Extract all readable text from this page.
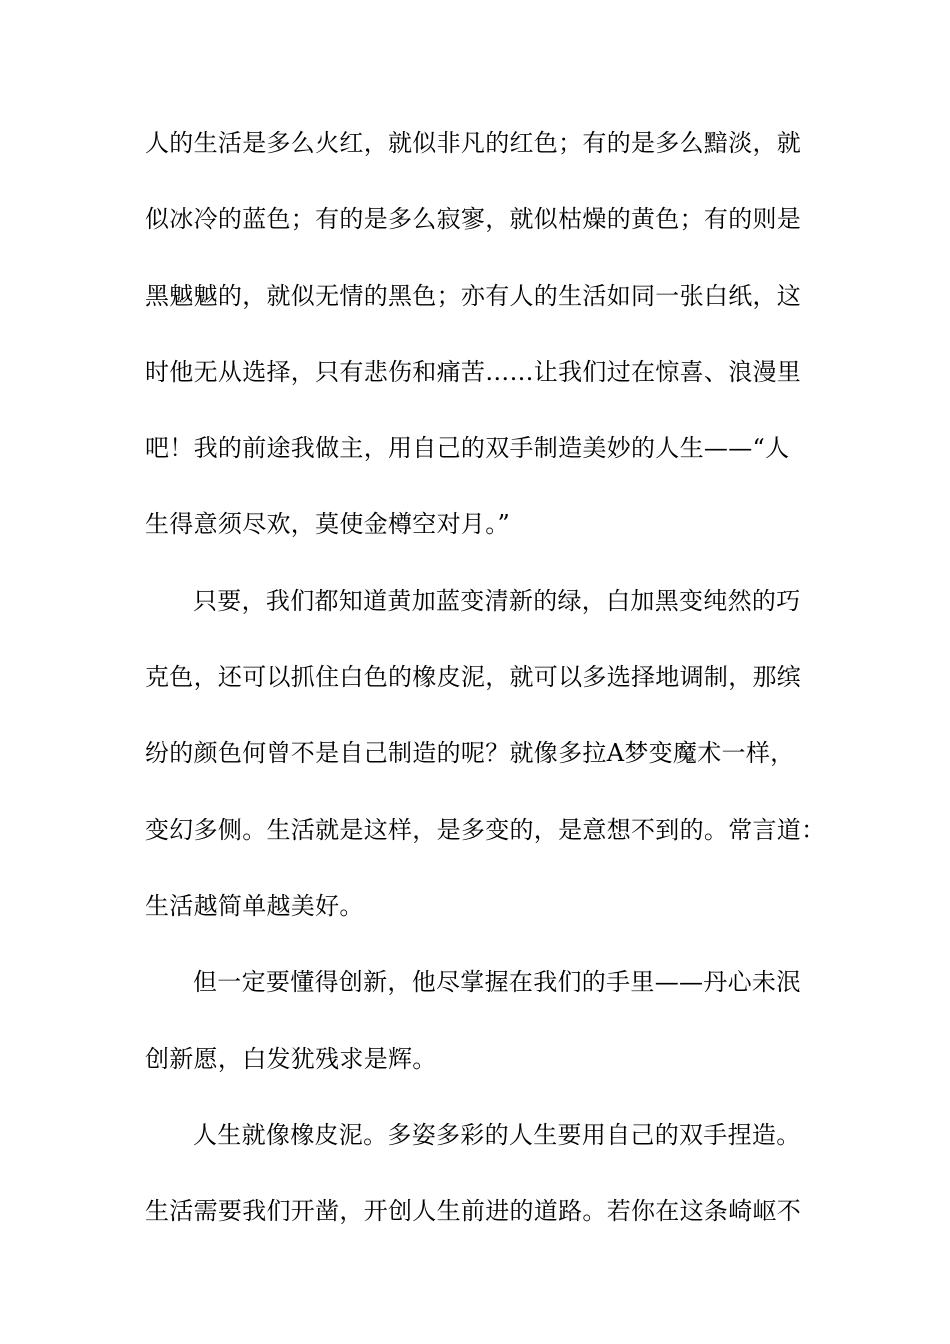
人的生活是多么火红，就似非凡的红色；有的是多么黯淡，就
似冰冷的蓝色；有的是多么寂寥，就似枯燥的黄色；有的则是
黑魆魆的，就似无情的黑色；亦有人的生活如同一张白纸，这
时他无从选择，只有悲伤和痛苦……让我们过在惊喜、浪漫里
吧！我的前途我做主，用自己的双手制造美妙的人生——“人
生得意须尽欢，莫使金樽空对月。”
只要，我们都知道黄加蓝变清新的绿，白加黑变纯然的巧
克色，还可以抓住白色的橡皮泥，就可以多选择地调制，那缤
纷的颜色何曾不是自己制造的呢？就像多拉A梦变魔术一样，
变幻多侧。生活就是这样，是多变的，是意想不到的。常言道：
生活越简单越美好。
但一定要懂得创新，他尽掌握在我们的手里——丹心未泯
创新愿，白发犹残求是辉。
人生就像橡皮泥。多姿多彩的人生要用自己的双手捏造。
生活需要我们开凿，开创人生前进的道路。若你在这条崎岖不
